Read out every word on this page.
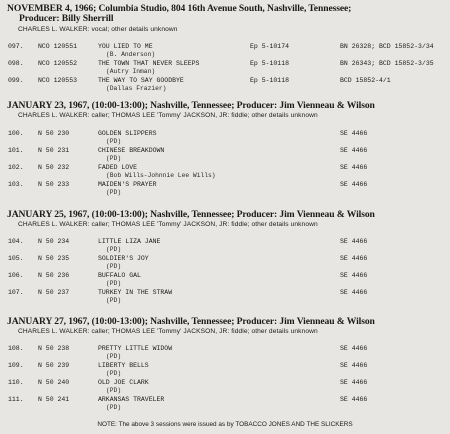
NOVEMBER 4, 1966; Columbia Studio, 804 16th Avenue South, Nashville, Tennessee;
Producer: Billy Sherrill
CHARLES L. WALKER: vocal; other details unknown
097. NCO 120551	YOU LIED TO ME
(B. Anderson)
Ep 5-10174	BN 26328; BCD 15852-3/34
098. NCO 120552	THE TOWN THAT NEVER SLEEPS
(Autry Inman)
Ep 5-10118	BN 26343; BCD 15852-3/35
099. NCO 120553	THE WAY TO SAY GOODBYE
(Dallas Frazier)
Ep 5-10118	BCD 15852-4/1
JANUARY 23, 1967, (10:00-13:00); Nashville, Tennessee; Producer: Jim Vienneau & Wilson
CHARLES L. WALKER: caller; THOMAS LEE 'Tommy' JACKSON, JR: fiddle; other details unknown
100. N 50 230	GOLDEN SLIPPERS
(PD)
SE 4466
101. N 50 231	CHINESE BREAKDOWN
(PD)
SE 4466
102. N 50 232	FADED LOVE
(Bob Wills-Johnnie Lee Wills)
SE 4466
103. N 50 233	MAIDEN'S PRAYER
(PD)
SE 4466
JANUARY 25, 1967, (10:00-13:00); Nashville, Tennessee; Producer: Jim Vienneau & Wilson
CHARLES L. WALKER: caller; THOMAS LEE 'Tommy' JACKSON, JR: fiddle; other details unknown
104. N 50 234	LITTLE LIZA JANE
(PD)
SE 4466
105. N 50 235	SOLDIER'S JOY
(PD)
SE 4466
106. N 50 236	BUFFALO GAL
(PD)
SE 4466
107. N 50 237	TURKEY IN THE STRAW
(PD)
SE 4466
JANUARY 27, 1967, (10:00-13:00); Nashville, Tennessee; Producer: Jim Vienneau & Wilson
CHARLES L. WALKER: caller; THOMAS LEE 'Tommy' JACKSON, JR: fiddle; other details unknown
108. N 50 238	PRETTY LITTLE WIDOW
(PD)
SE 4466
109. N 50 239	LIBERTY BELLS
(PD)
SE 4466
110. N 50 240	OLD JOE CLARK
(PD)
SE 4466
111. N 50 241	ARKANSAS TRAVELER
(PD)
SE 4466
NOTE: The above 3 sessions were issued as by TOBACCO JONES AND THE SLICKERS
